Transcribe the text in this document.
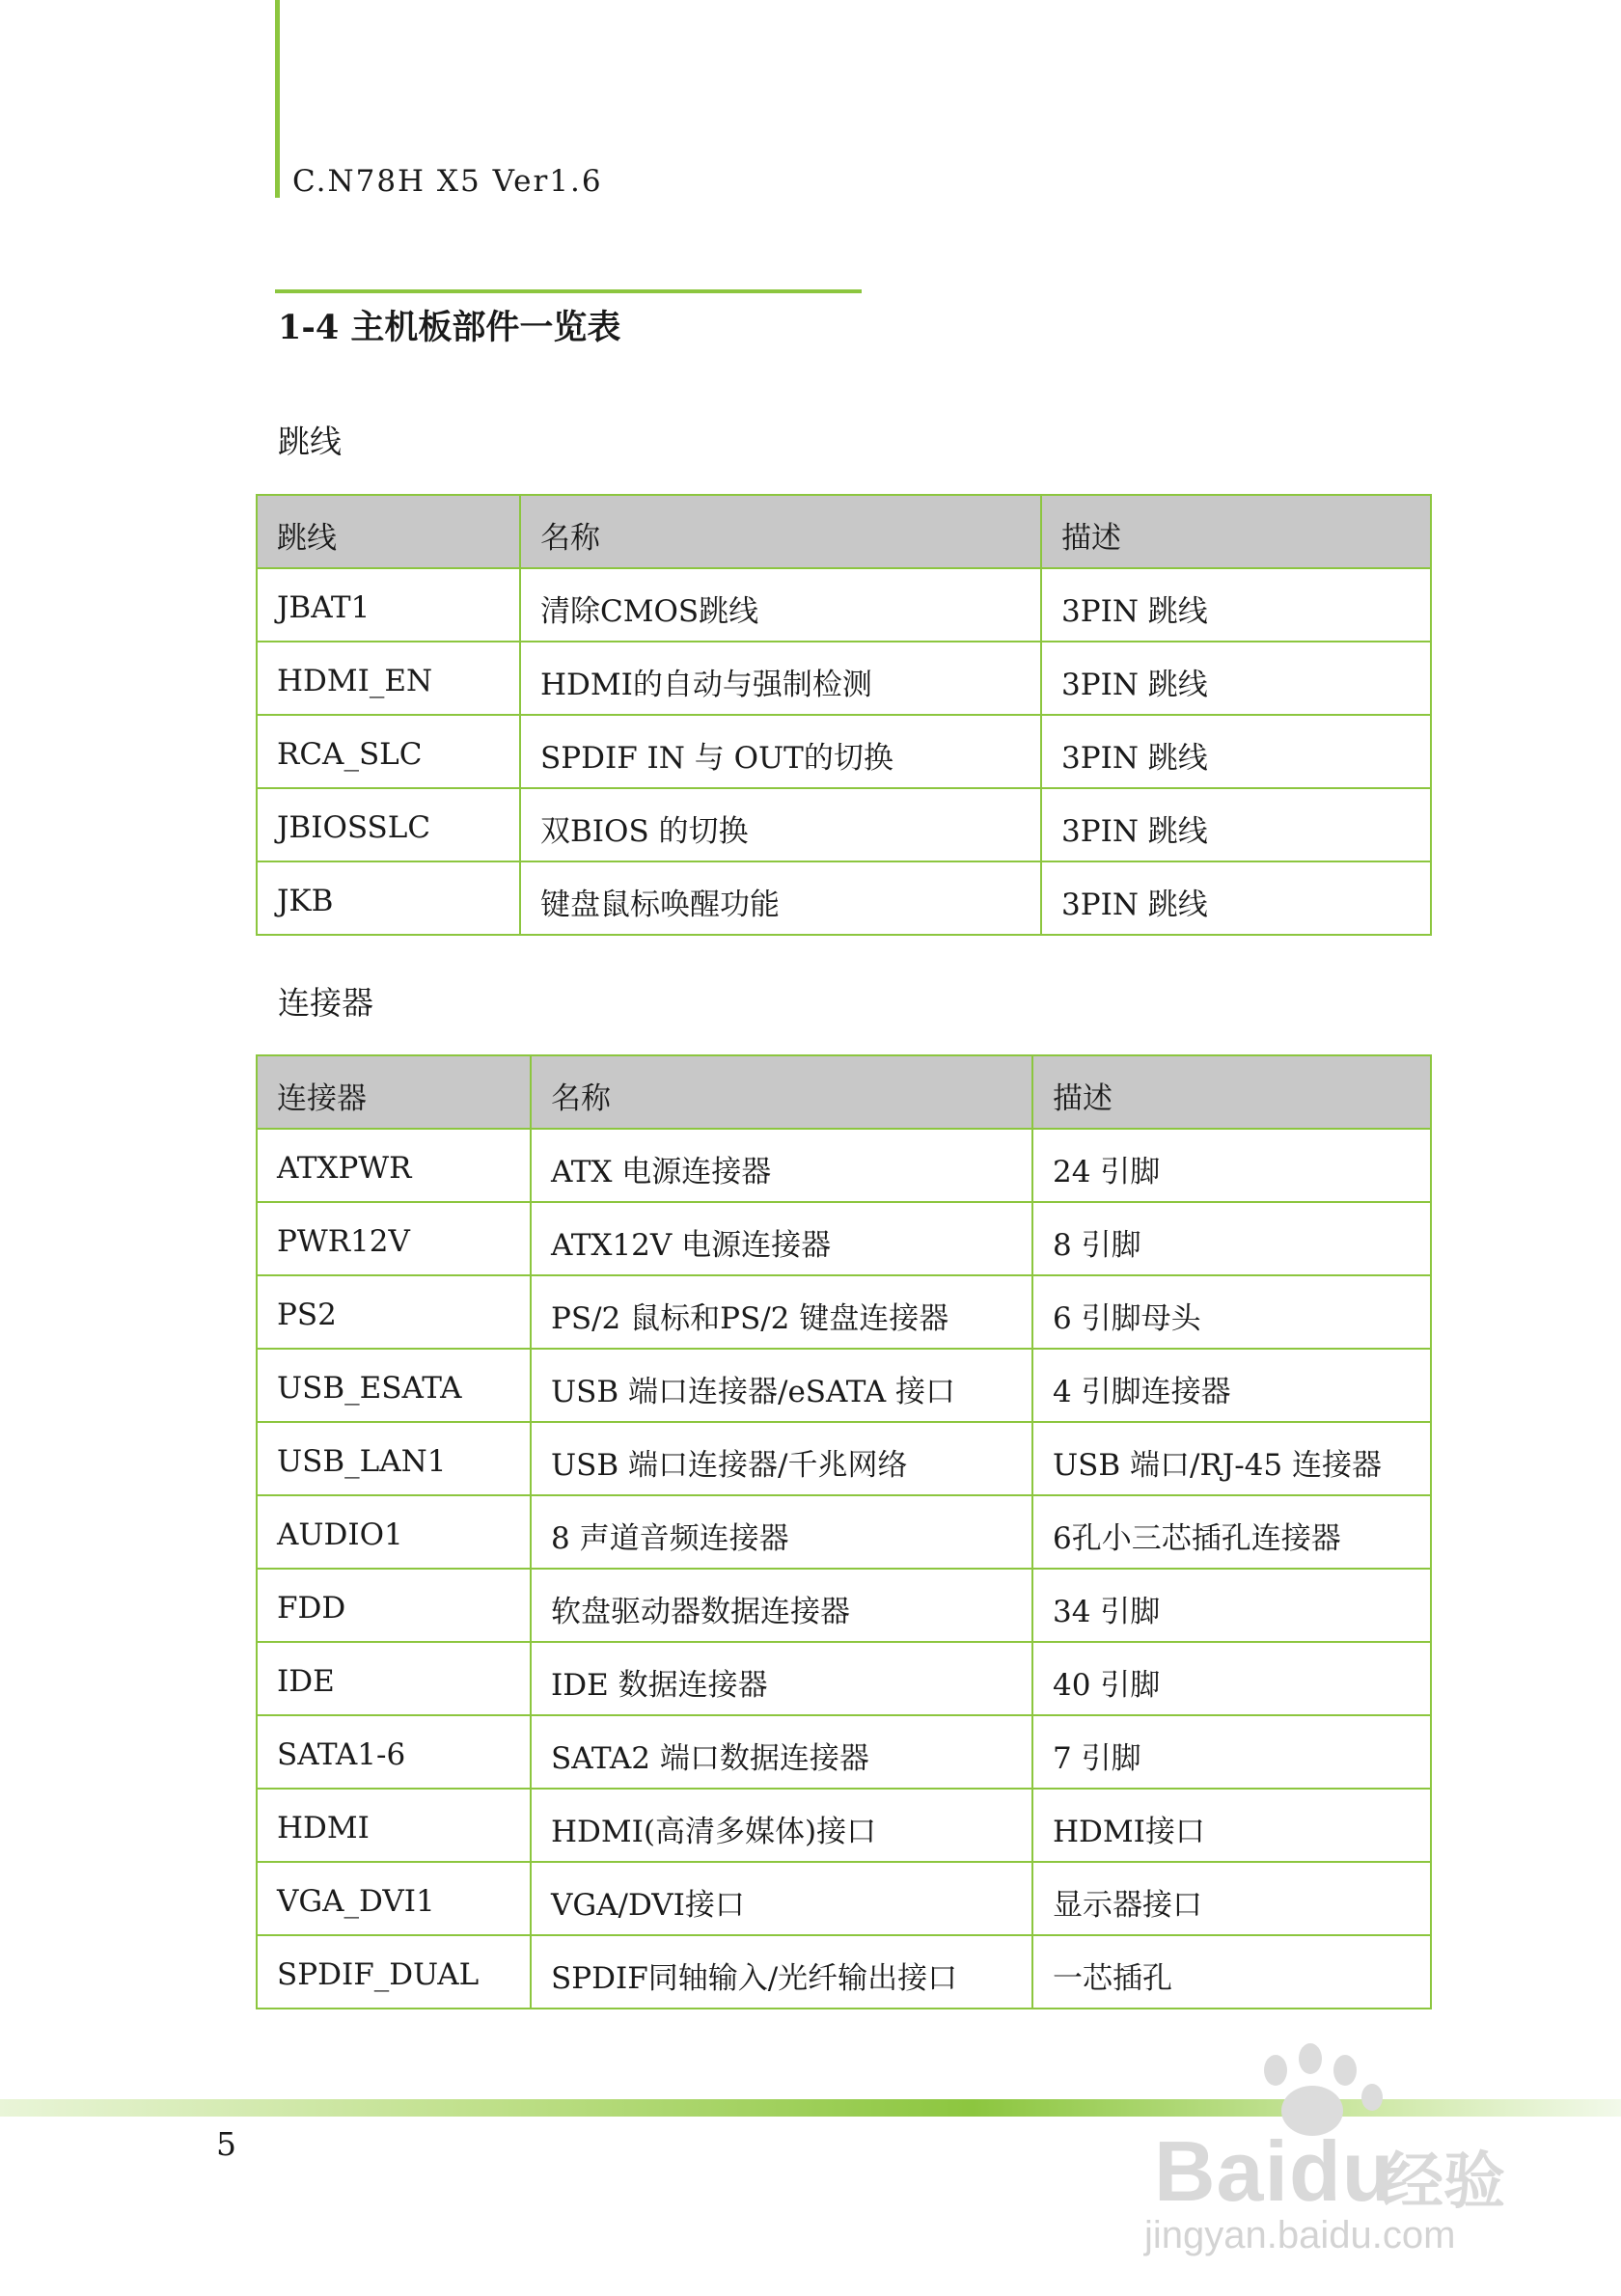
C.N78H X5 Ver1.6
1-4 主机板部件一览表
跳线
跳线	名称	描述
JBAT1	清除CMOS跳线	3PIN 跳线
HDMI_EN	HDMI的自动与强制检测	3PIN 跳线
RCA_SLC	SPDIF IN 与 OUT的切换	3PIN 跳线
JBIOSSLC	双BIOS 的切换	3PIN 跳线
JKB	键盘鼠标唤醒功能	3PIN 跳线
连接器
连接器	名称	描述
ATXPWR	ATX 电源连接器	24 引脚
PWR12V	ATX12V 电源连接器	8 引脚
PS2	PS/2 鼠标和PS/2 键盘连接器	6 引脚母头
USB_ESATA	USB 端口连接器/eSATA 接口	4 引脚连接器
USB_LAN1	USB 端口连接器/千兆网络	USB 端口/RJ-45 连接器
AUDIO1	8 声道音频连接器	6孔小三芯插孔连接器
FDD	软盘驱动器数据连接器	34 引脚
IDE	IDE 数据连接器	40 引脚
SATA1-6	SATA2 端口数据连接器	7 引脚
HDMI	HDMI(高清多媒体)接口	HDMI接口
VGA_DVI1	VGA/DVI接口	显示器接口
SPDIF_DUAL	SPDIF同轴输入/光纤输出接口	一芯插孔
5	Baidu
经验
jingyan.baidu.com
